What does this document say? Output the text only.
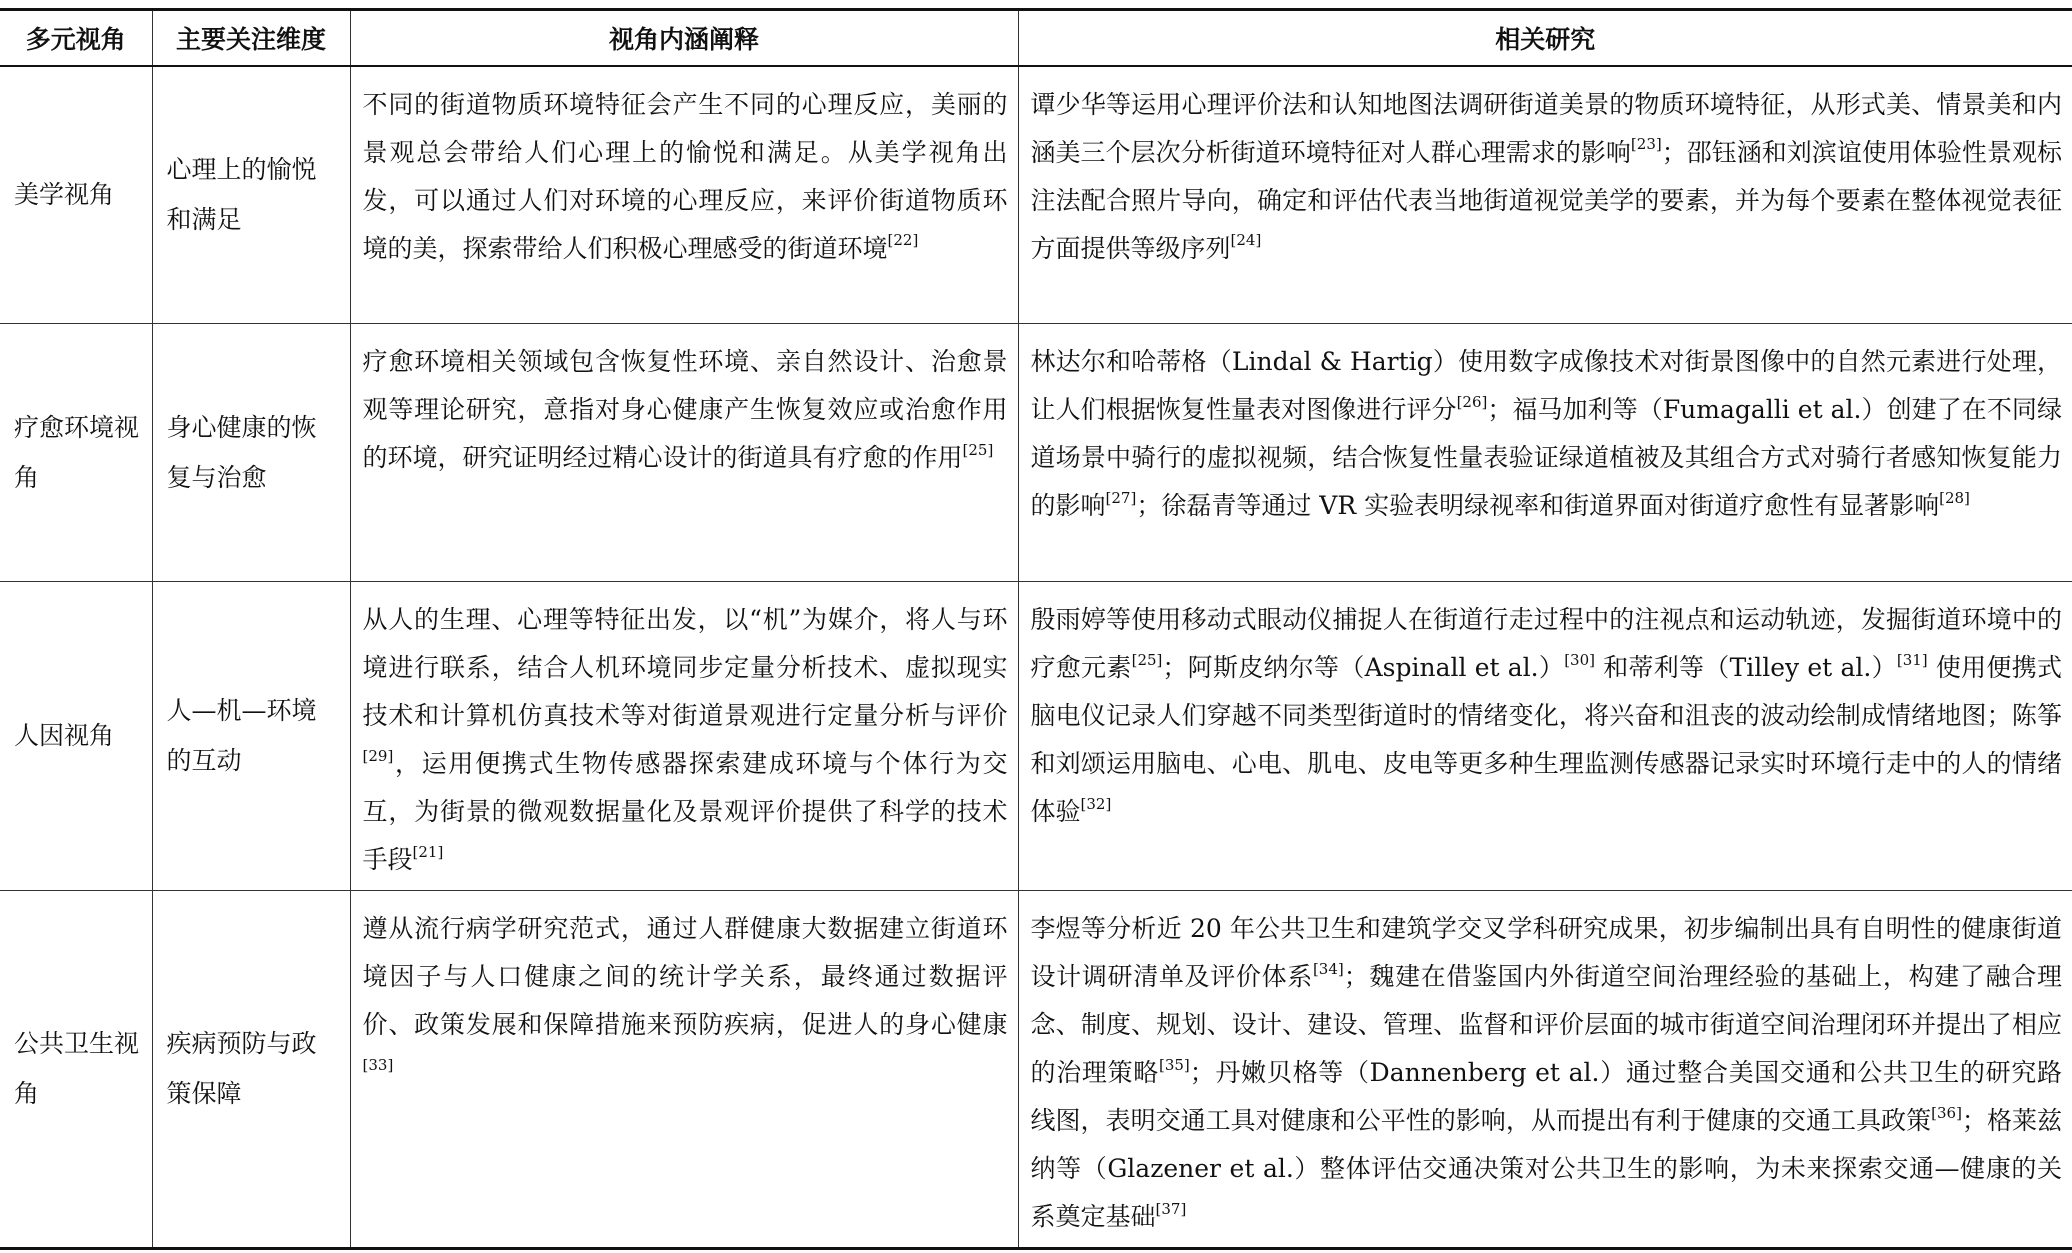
多元视角	主要关注维度	视角内涵阐释	相关研究
美学视角	心理上的愉悦和满足	不同的街道物质环境特征会产生不同的心理反应，美丽的景观总会带给人们心理上的愉悦和满足。从美学视角出发，可以通过人们对环境的心理反应，来评价街道物质环境的美，探索带给人们积极心理感受的街道环境[22]	谭少华等运用心理评价法和认知地图法调研街道美景的物质环境特征，从形式美、情景美和内涵美三个层次分析街道环境特征对人群心理需求的影响[23]；邵钰涵和刘滨谊使用体验性景观标注法配合照片导向，确定和评估代表当地街道视觉美学的要素，并为每个要素在整体视觉表征方面提供等级序列[24]
疗愈环境视角	身心健康的恢复与治愈	疗愈环境相关领域包含恢复性环境、亲自然设计、治愈景观等理论研究，意指对身心健康产生恢复效应或治愈作用的环境，研究证明经过精心设计的街道具有疗愈的作用[25]	林达尔和哈蒂格（Lindal & Hartig）使用数字成像技术对街景图像中的自然元素进行处理，让人们根据恢复性量表对图像进行评分[26]；福马加利等（Fumagalli et al.）创建了在不同绿道场景中骑行的虚拟视频，结合恢复性量表验证绿道植被及其组合方式对骑行者感知恢复能力的影响[27]；徐磊青等通过 VR 实验表明绿视率和街道界面对街道疗愈性有显著影响[28]
人因视角	人—机—环境的互动	从人的生理、心理等特征出发，以“机”为媒介，将人与环境进行联系，结合人机环境同步定量分析技术、虚拟现实技术和计算机仿真技术等对街道景观进行定量分析与评价[29]，运用便携式生物传感器探索建成环境与个体行为交互，为街景的微观数据量化及景观评价提供了科学的技术手段[21]	殷雨婷等使用移动式眼动仪捕捉人在街道行走过程中的注视点和运动轨迹，发掘街道环境中的疗愈元素[25]；阿斯皮纳尔等（Aspinall et al.）[30] 和蒂利等（Tilley et al.）[31] 使用便携式脑电仪记录人们穿越不同类型街道时的情绪变化，将兴奋和沮丧的波动绘制成情绪地图；陈筝和刘颂运用脑电、心电、肌电、皮电等更多种生理监测传感器记录实时环境行走中的人的情绪体验[32]
公共卫生视角	疾病预防与政策保障	遵从流行病学研究范式，通过人群健康大数据建立街道环境因子与人口健康之间的统计学关系，最终通过数据评价、政策发展和保障措施来预防疾病，促进人的身心健康[33]	李煜等分析近 20 年公共卫生和建筑学交叉学科研究成果，初步编制出具有自明性的健康街道设计调研清单及评价体系[34]；魏建在借鉴国内外街道空间治理经验的基础上，构建了融合理念、制度、规划、设计、建设、管理、监督和评价层面的城市街道空间治理闭环并提出了相应的治理策略[35]；丹嫩贝格等（Dannenberg et al.）通过整合美国交通和公共卫生的研究路线图，表明交通工具对健康和公平性的影响，从而提出有利于健康的交通工具政策[36]；格莱兹纳等（Glazener et al.）整体评估交通决策对公共卫生的影响，为未来探索交通—健康的关系奠定基础[37]
